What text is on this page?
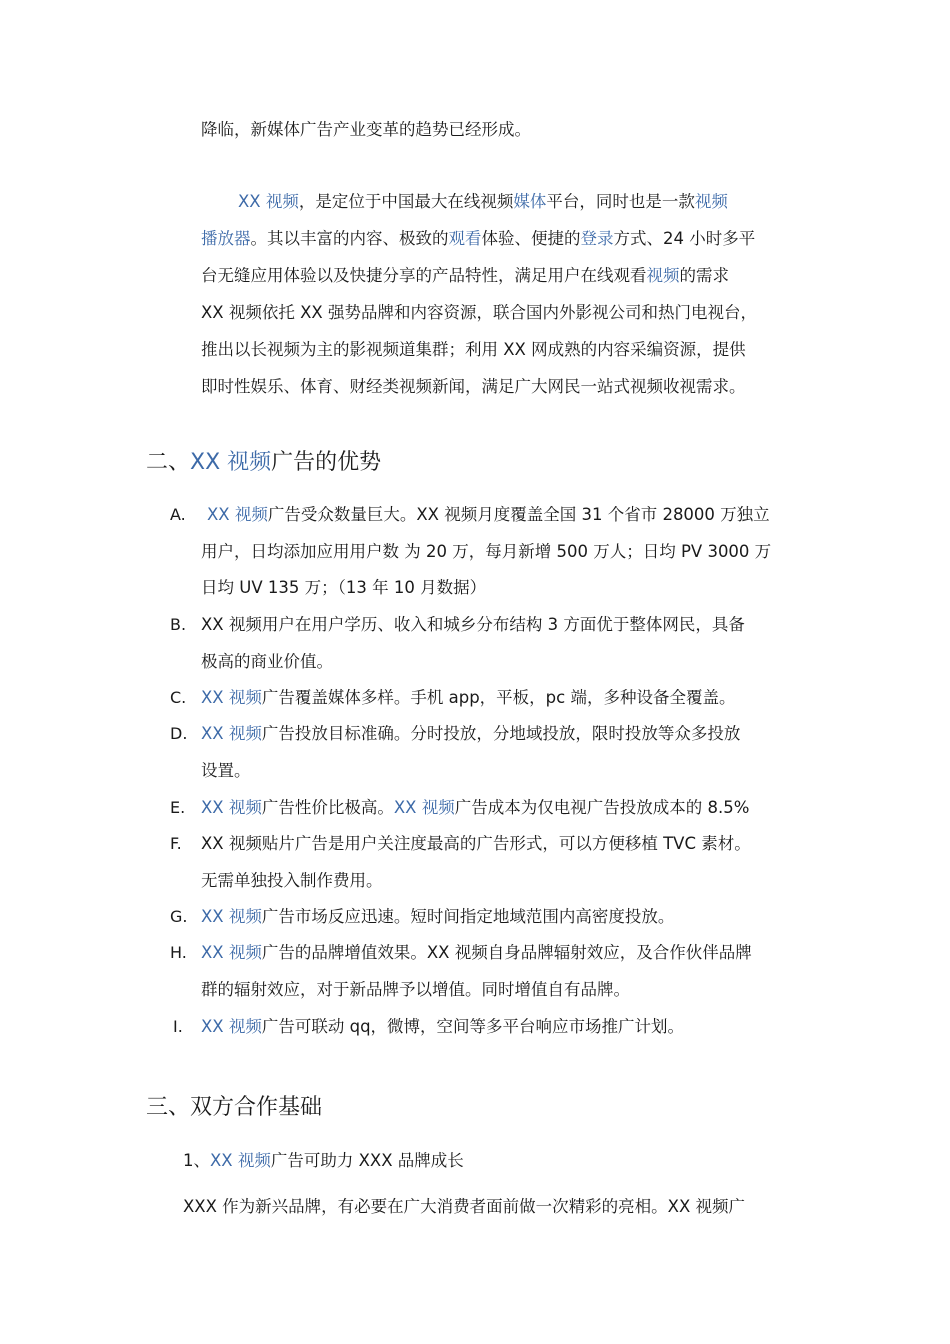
降临，新媒体广告产业变革的趋势已经形成。
XX 视频，是定位于中国最大在线视频媒体平台，同时也是一款视频
播放器。其以丰富的内容、极致的观看体验、便捷的登录方式、24 小时多平
台无缝应用体验以及快捷分享的产品特性，满足用户在线观看视频的需求
XX 视频依托 XX 强势品牌和内容资源，联合国内外影视公司和热门电视台，
推出以长视频为主的影视频道集群；利用 XX 网成熟的内容采编资源，提供
即时性娱乐、体育、财经类视频新闻，满足广大网民一站式视频收视需求。
二、XX 视频广告的优势
A. XX 视频广告受众数量巨大。XX 视频月度覆盖全国 31 个省市 28000 万独立
用户，日均添加应用用户数 为 20 万，每月新增 500 万人；日均 PV 3000 万
日均 UV 135 万；（13 年 10 月数据）
B. XX 视频用户在用户学历、收入和城乡分布结构 3 方面优于整体网民，具备
极高的商业价值。
C. XX 视频广告覆盖媒体多样。手机 app，平板，pc 端，多种设备全覆盖。
D. XX 视频广告投放目标准确。分时投放，分地域投放，限时投放等众多投放
设置。
E. XX 视频广告性价比极高。XX 视频广告成本为仅电视广告投放成本的 8.5%
F. XX 视频贴片广告是用户关注度最高的广告形式，可以方便移植 TVC 素材。
无需单独投入制作费用。
G. XX 视频广告市场反应迅速。短时间指定地域范围内高密度投放。
H. XX 视频广告的品牌增值效果。XX 视频自身品牌辐射效应，及合作伙伴品牌
群的辐射效应，对于新品牌予以增值。同时增值自有品牌。
I. XX 视频广告可联动 qq，微博，空间等多平台响应市场推广计划。
三、双方合作基础
1、XX 视频广告可助力 XXX 品牌成长
XXX 作为新兴品牌，有必要在广大消费者面前做一次精彩的亮相。XX 视频广
